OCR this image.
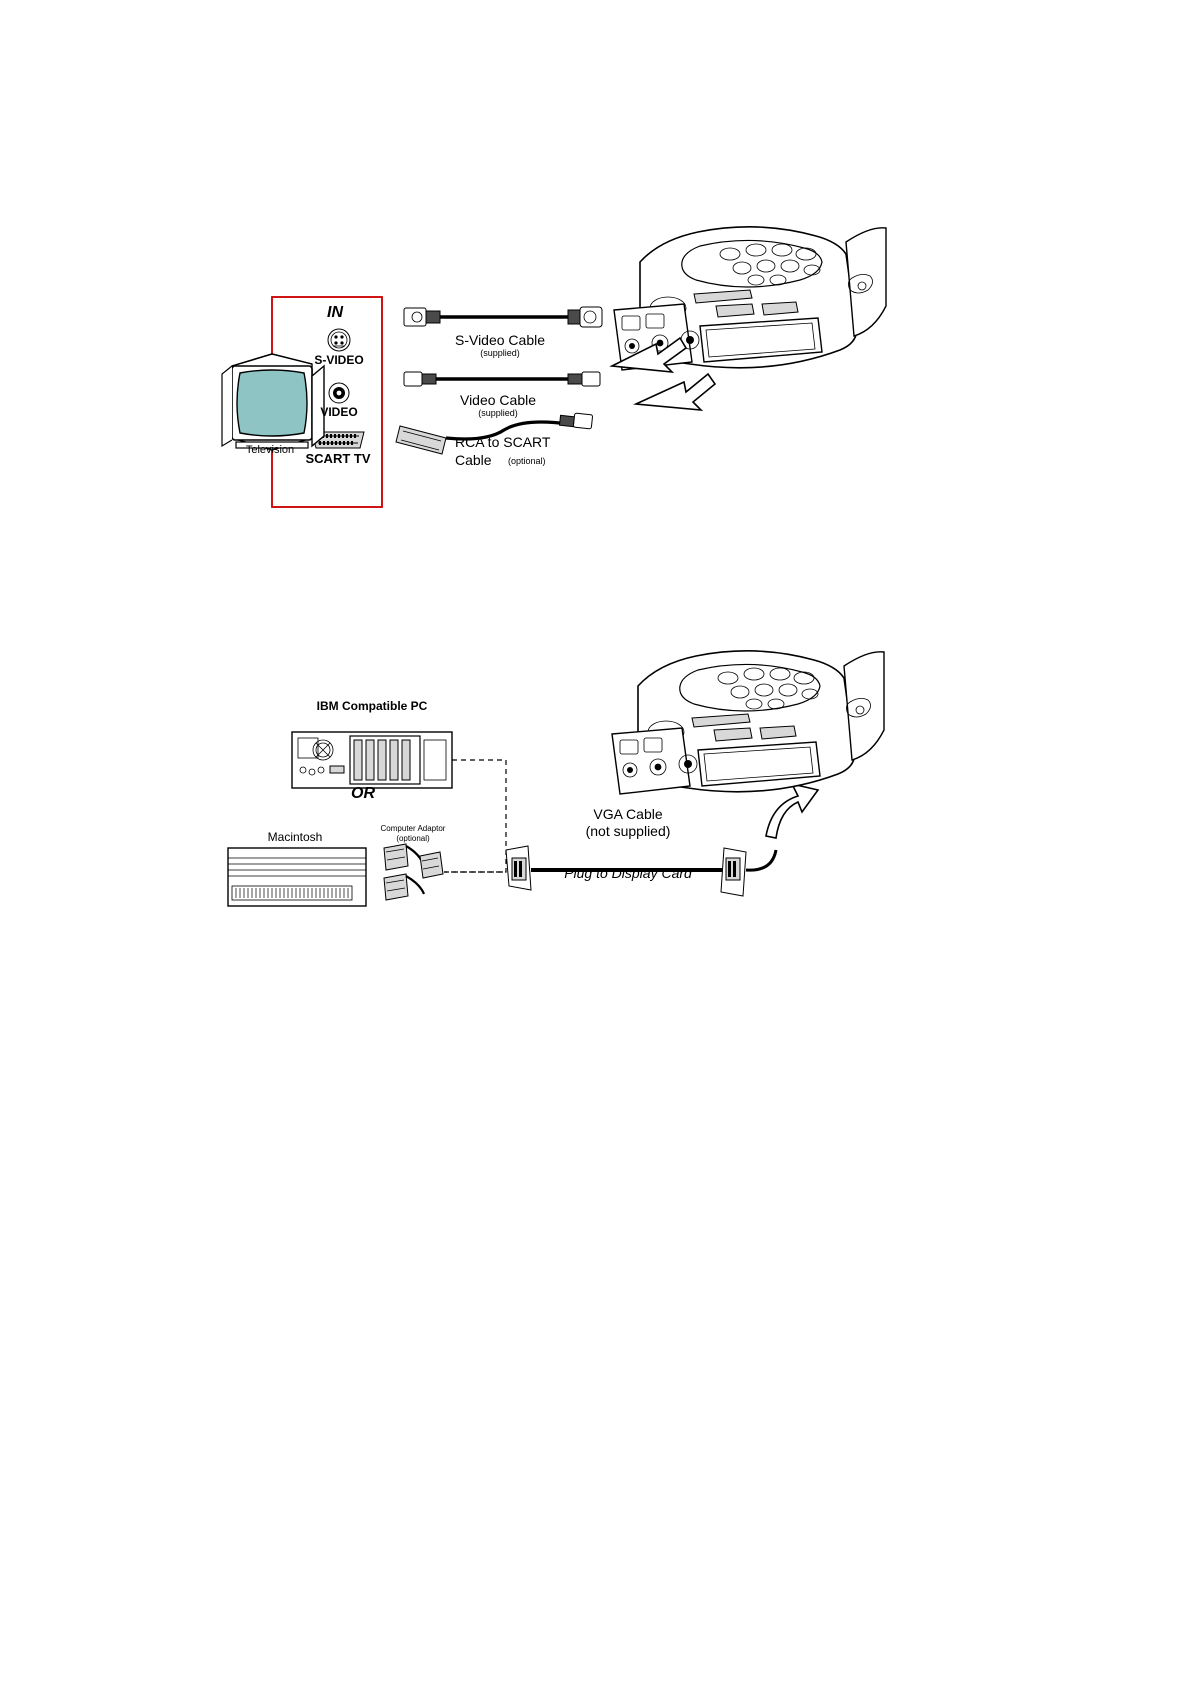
IN
S-VIDEO
VIDEO
SCART TV
Television
S-Video Cable
(supplied)
Video Cable
(supplied)
RCA to SCART
Cable (optional)
IBM Compatible PC
OR
Macintosh
Computer Adaptor
(optional)
VGA Cable
(not supplied)
Plug to Display Card
